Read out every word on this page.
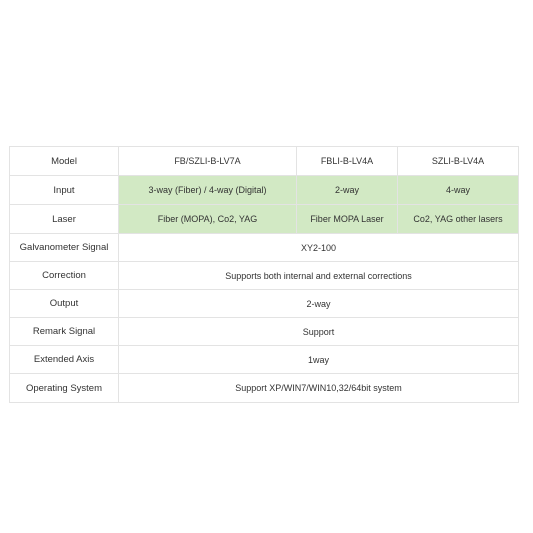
Model	FB/SZLI-B-LV7A	FBLI-B-LV4A	SZLI-B-LV4A
Input	3-way (Fiber) / 4-way (Digital)	2-way	4-way
Laser	Fiber (MOPA), Co2, YAG	Fiber MOPA Laser	Co2, YAG other lasers
Galvanometer Signal	XY2-100		
Correction	Supports both internal and external corrections		
Output	2-way		
Remark Signal	Support		
Extended Axis	1way		
Operating System	Support XP/WIN7/WIN10,32/64bit system		
